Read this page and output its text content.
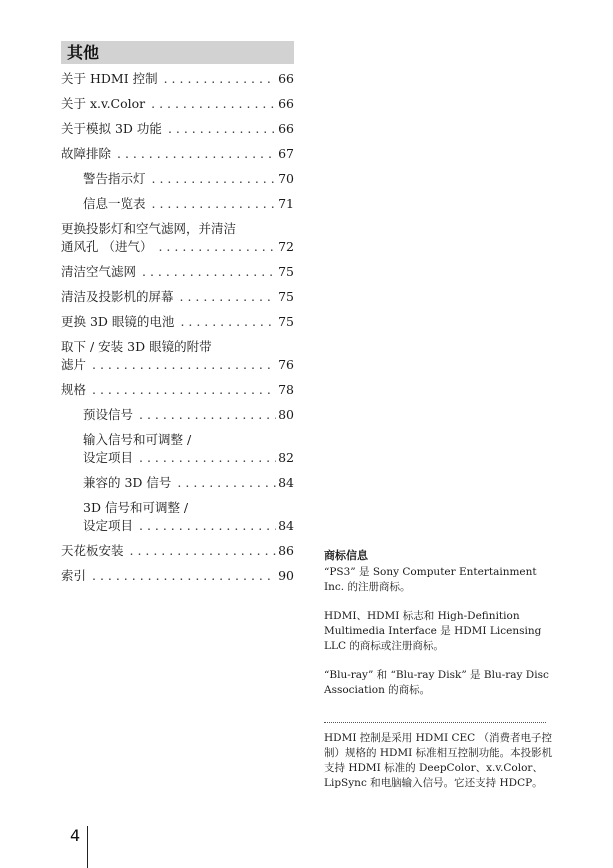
其他
关于 HDMI 控制 . . .	66
关于 x.v.Color . . .	66
关于模拟 3D 功能 . . .	66
故障排除 . . .	67
警告指示灯 . . .	70
信息一览表 . . .	71
更换投影灯和空气滤网，并清洁
通风孔 （进气） . . .	72
清洁空气滤网 . . .	75
清洁及投影机的屏幕 . . .	75
更换 3D 眼镜的电池 . . .	75
取下 / 安装 3D 眼镜的附带
滤片 . . .	76
规格 . . .	78
预设信号 . . .	80
输入信号和可调整 /
设定项目 . . .	82
兼容的 3D 信号 . . .	84
3D 信号和可调整 /
设定项目 . . .	84
天花板安装 . . .	86
索引 . . .	90
商标信息

“PS3” 是 Sony Computer Entertainment Inc. 的注册商标。

HDMI、HDMI 标志和 High-Definition Multimedia Interface 是 HDMI Licensing LLC 的商标或注册商标。

“Blu-ray” 和 “Blu-ray Disk” 是 Blu-ray Disc Association 的商标。

HDMI 控制是采用 HDMI CEC （消费者电子控制）规格的 HDMI 标准相互控制功能。本投影机支持 HDMI 标准的 DeepColor、x.v.Color、LipSync 和电脑输入信号。它还支持 HDCP。

4
